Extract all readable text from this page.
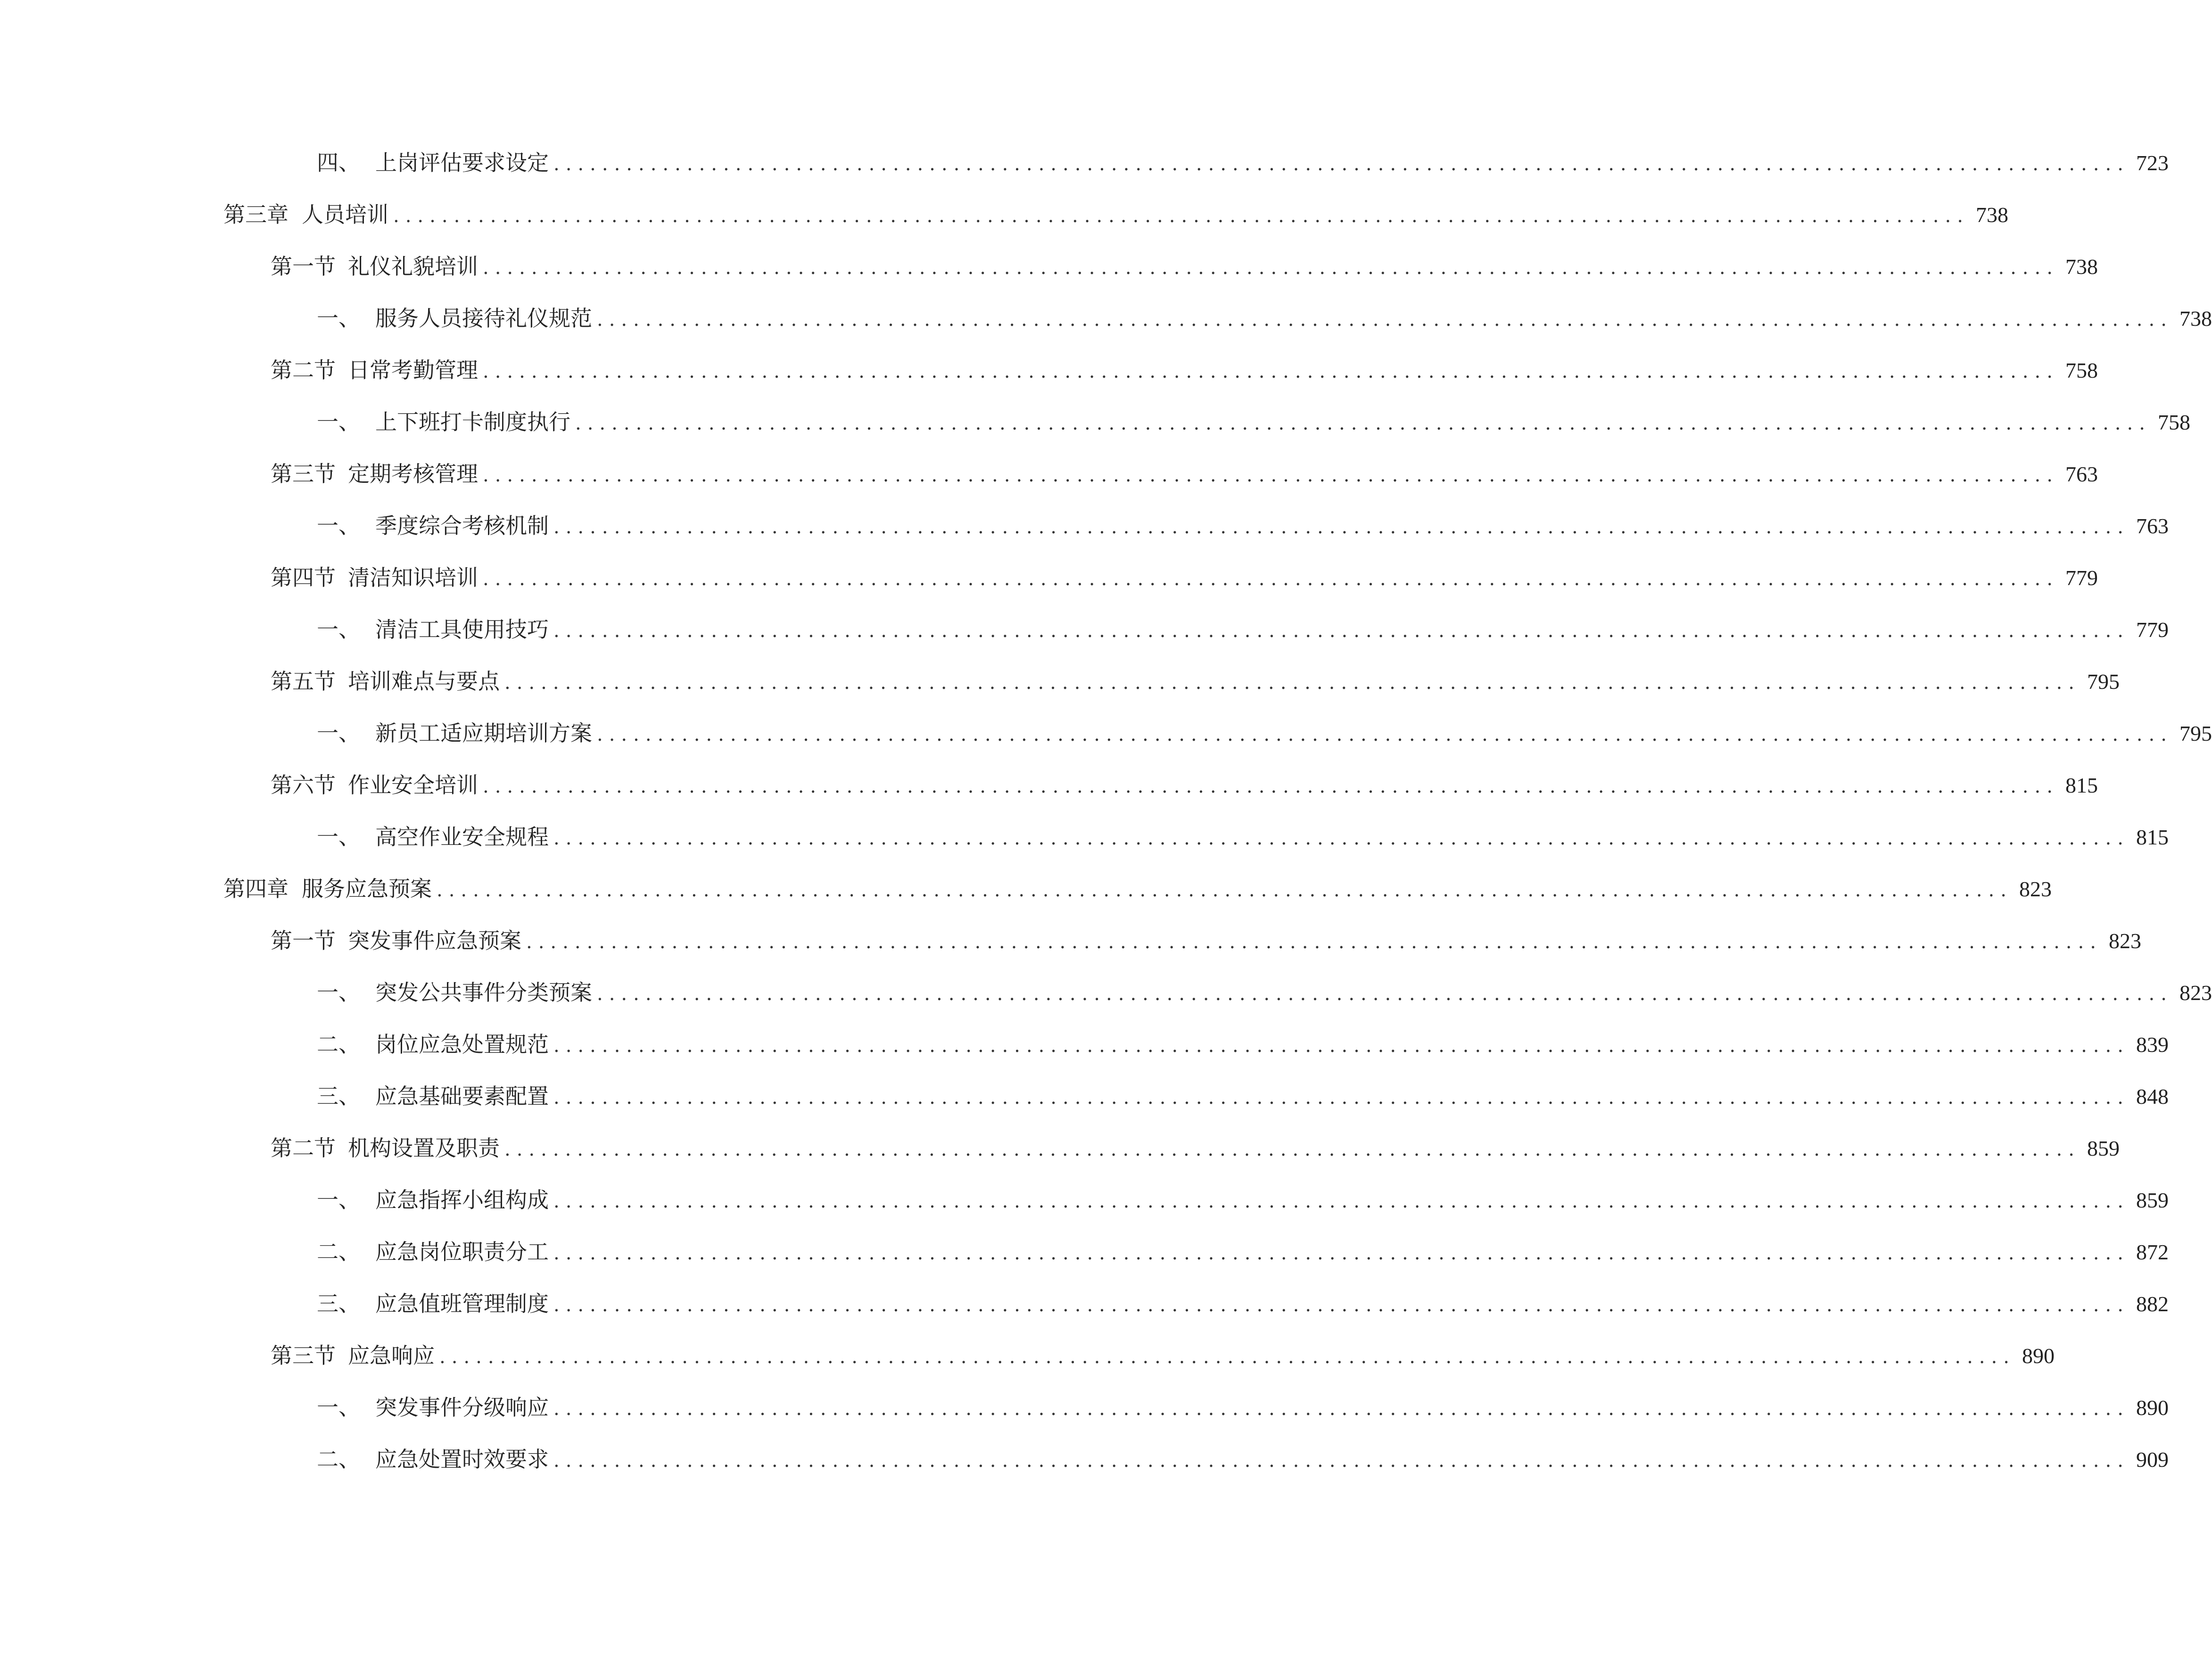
四、 上岗评估要求设定 .................................................................................................................................. 723
第三章 人员培训 .................................................................................................................................. 738
第一节 礼仪礼貌培训 .................................................................................................................................. 738
一、 服务人员接待礼仪规范 .................................................................................................................................. 738
第二节 日常考勤管理 .................................................................................................................................. 758
一、 上下班打卡制度执行 .................................................................................................................................. 758
第三节 定期考核管理 .................................................................................................................................. 763
一、 季度综合考核机制 .................................................................................................................................. 763
第四节 清洁知识培训 .................................................................................................................................. 779
一、 清洁工具使用技巧 .................................................................................................................................. 779
第五节 培训难点与要点 .................................................................................................................................. 795
一、 新员工适应期培训方案 .................................................................................................................................. 795
第六节 作业安全培训 .................................................................................................................................. 815
一、 高空作业安全规程 .................................................................................................................................. 815
第四章 服务应急预案 .................................................................................................................................. 823
第一节 突发事件应急预案 .................................................................................................................................. 823
一、 突发公共事件分类预案 .................................................................................................................................. 823
二、 岗位应急处置规范 .................................................................................................................................. 839
三、 应急基础要素配置 .................................................................................................................................. 848
第二节 机构设置及职责 .................................................................................................................................. 859
一、 应急指挥小组构成 .................................................................................................................................. 859
二、 应急岗位职责分工 .................................................................................................................................. 872
三、 应急值班管理制度 .................................................................................................................................. 882
第三节 应急响应 .................................................................................................................................. 890
一、 突发事件分级响应 .................................................................................................................................. 890
二、 应急处置时效要求 .................................................................................................................................. 909
